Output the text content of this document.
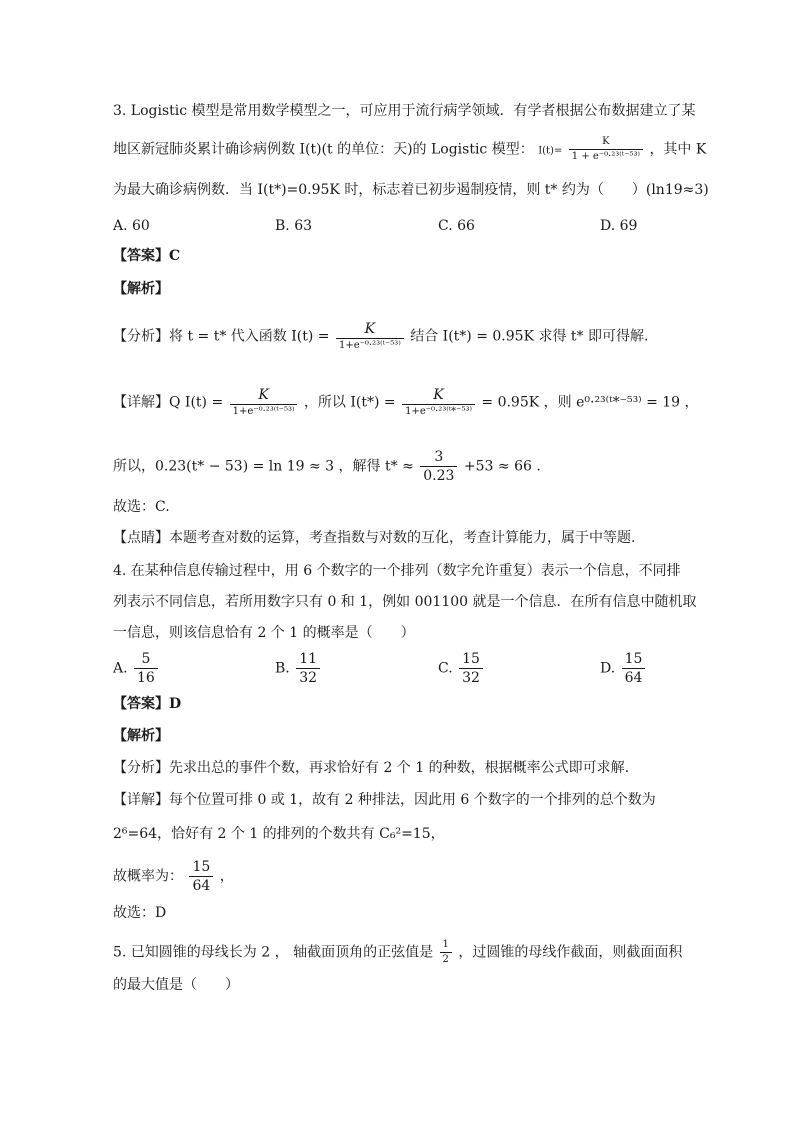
3. Logistic 模型是常用数学模型之一，可应用于流行病学领域．有学者根据公布数据建立了某
地区新冠肺炎累计确诊病例数 I(t)(t 的单位：天)的 Logistic 模型： $I(t)= \frac{K}{\text{1 + e⁻⁰·²³⁽ᵗ⁻⁵³⁾}}$ ，其中 K
为最大确诊病例数．当 I(t*)=0.95K 时，标志着已初步遏制疫情，则 t* 约为（　　）(ln19≈3)
A. 60	B. 63	C. 66	D. 69
【答案】C
【解析】
【分析】将 t = t* 代入函数 $I(t) = \frac{K}{\text{1+e⁻⁰·²³⁽ᵗ⁻⁵³⁾}}$ 结合 I(t*) = 0.95K 求得 t* 即可得解.
【详解】Q $I(t) = \frac{K}{\text{1+e⁻⁰·²³⁽ᵗ⁻⁵³⁾}}$ ，所以 $I(t*) = \frac{K}{\text{1+e⁻⁰·²³⁽ᵗ*⁻⁵³⁾}} = 0.95K$ ，则 e⁰·²³⁽ᵗ*⁻⁵³⁾ = 19 ，
所以，0.23(t* − 53) = ln 19 ≈ 3 ，解得 $t* \approx \frac{3}{0.23} +53 \approx 66$ .
故选：C.
【点睛】本题考查对数的运算，考查指数与对数的互化，考查计算能力，属于中等题.
4. 在某种信息传输过程中，用 6 个数字的一个排列（数字允许重复）表示一个信息，不同排
列表示不同信息，若所用数字只有 0 和 1，例如 001100 就是一个信息．在所有信息中随机取
一信息，则该信息恰有 2 个 1 的概率是（　　）
A. $\frac{5}{16}$	B. $\frac{11}{32}$	C. $\frac{15}{32}$	D. $\frac{15}{64}$
【答案】D
【解析】
【分析】先求出总的事件个数，再求恰好有 2 个 1 的种数，根据概率公式即可求解.
【详解】每个位置可排 0 或 1，故有 2 种排法，因此用 6 个数字的一个排列的总个数为
2⁶=64，恰好有 2 个 1 的排列的个数共有 C₆²=15，
故概率为： $\frac{15}{64}$ ，
故选：D
5. 已知圆锥的母线长为 2 ， 轴截面顶角的正弦值是 $\frac{1}{2}$ ，过圆锥的母线作截面，则截面面积
的最大值是（　　）
